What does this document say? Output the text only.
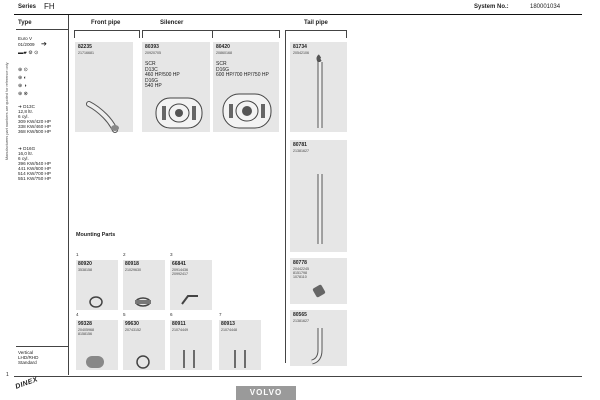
Series FH	System No.:	180001034
Manufacturers part numbers are quoted for reference only
Type
Euro V
01/2009 ➔
▬▰ ⚙ ⊙
⊕ ⊙
⊕ ◐
⊕ ◑
⊕ ⊗
➔ D13C
12,8 ltr.
6 cyl.
309 KW/420 HP
338 KW/460 HP
368 KW/500 HP
➔ D16G
16,0 ltr.
6 cyl.
396 KW/540 HP
441 KW/600 HP
514 KW/700 HP
551 KW/750 HP
Vertical
LHD/RHD
Standard
Front pipe	Silencer	Tail pipe
82235
21716681
80393
20920705
SCR
D13C
460 HP/500 HP
D16G
540 HP
80420
20860168
SCR
D16G
600 HP/700 HP/750 HP
81734
20542106
80781
21381627
80778
20442245
8151798
1078110
80565
21381627
Mounting Parts
1
80920
3538158
2
80918
21029630
3
66841
20914436
20992417
4
99328
20405968
8158156
5
99630
20743152
6
80911
21074449
7
80913
21074448
1
DINEX
VOLVO
